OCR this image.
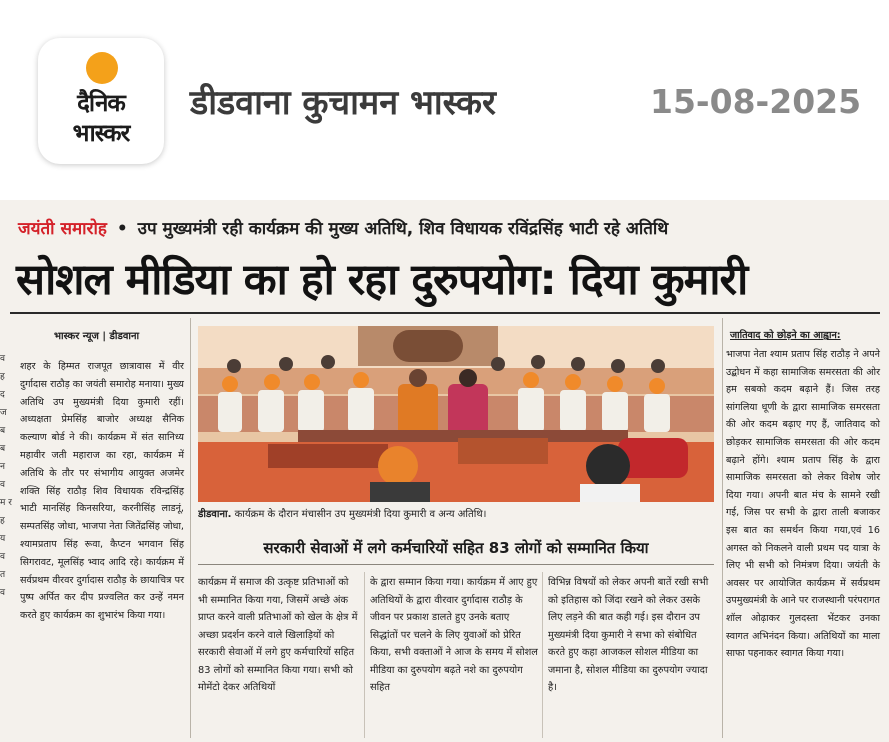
दैनिक
भास्कर
डीडवाना कुचामन भास्कर	15-08-2025
जयंती समारोह • उप मुख्यमंत्री रही कार्यक्रम की मुख्य अतिथि, शिव विधायक रविंद्रसिंह भाटी रहे अतिथि
सोशल मीडिया का हो रहा दुरुपयोग: दिया कुमारी
भास्कर न्यूज | डीडवाना
व ह द ज ब ब न व म र ह य व त व
शहर के हिम्मत राजपूत छात्रावास में वीर दुर्गादास राठौड़ का जयंती समारोह मनाया। मुख्य अतिथि उप मुख्यमंत्री दिया कुमारी रहीं। अध्यक्षता प्रेमसिंह बाजोर अध्यक्ष सैनिक कल्याण बोर्ड ने की। कार्यक्रम में संत सानिध्य महावीर जती महाराज का रहा, कार्यक्रम में अतिथि के तौर पर संभागीय आयुक्त अजमेर शक्ति सिंह राठौड़ शिव विधायक रविन्द्रसिंह भाटी मानसिंह किनसरिया, करनीसिंह लाडनूं, सम्पतसिंह जोधा, भाजपा नेता जितेंद्रसिंह जोधा, श्यामप्रताप सिंह रूवा, कैप्टन भगवान सिंह सिगरावट, मूलसिंह भ्वाद आदि रहे। कार्यक्रम में सर्वप्रथम वीरवर दुर्गादास राठौड़ के छायाचित्र पर पुष्प अर्पित कर दीप प्रज्वलित कर उन्हें नमन करते हुए कार्यक्रम का शुभारंभ किया गया।
डीडवाना. कार्यक्रम के दौरान मंचासीन उप मुख्यमंत्री दिया कुमारी व अन्य अतिथि।
सरकारी सेवाओं में लगे कर्मचारियों सहित 83 लोगों को सम्मानित किया
कार्यक्रम में समाज की उत्कृष्ट प्रतिभाओं को भी सम्मानित किया गया, जिसमें अच्छे अंक प्राप्त करने वाली प्रतिभाओं को खेल के क्षेत्र में अच्छा प्रदर्शन करने वाले खिलाड़ियों को सरकारी सेवाओं में लगे हुए कर्मचारियों सहित 83 लोगों को सम्मानित किया गया। सभी को मोमेंटो देकर अतिथियों
के द्वारा सम्मान किया गया। कार्यक्रम में आए हुए अतिथियों के द्वारा वीरवार दुर्गादास राठौड़ के जीवन पर प्रकाश डालते हुए उनके बताए सिद्धांतों पर चलने के लिए युवाओं को प्रेरित किया, सभी वक्ताओं ने आज के समय में सोशल मीडिया का दुरुपयोग बढ़ते नशे का दुरुपयोग सहित
विभिन्न विषयों को लेकर अपनी बातें रखी सभी को इतिहास को जिंदा रखने को लेकर उसके लिए लड़ने की बात कही गई। इस दौरान उप मुख्यमंत्री दिया कुमारी ने सभा को संबोधित करते हुए कहा आजकल सोशल मीडिया का जमाना है, सोशल मीडिया का दुरुपयोग ज्यादा है।
जातिवाद को छोड़ने का आह्वान:
भाजपा नेता श्याम प्रताप सिंह राठौड़ ने अपने उद्बोधन में कहा सामाजिक समरसता की ओर हम सबको कदम बढ़ाने हैं। जिस तरह सांगलिया धूणी के द्वारा सामाजिक समरसता की ओर कदम बढ़ाए गए हैं, जातिवाद को छोड़कर सामाजिक समरसता की ओर कदम बढ़ाने होंगे। श्याम प्रताप सिंह के द्वारा सामाजिक समरसता को लेकर विशेष जोर दिया गया। अपनी बात मंच के सामने रखी गई, जिस पर सभी के द्वारा ताली बजाकर इस बात का समर्थन किया गया,एवं 16 अगस्त को निकलने वाली प्रथम पद यात्रा के लिए भी सभी को निमंत्रण दिया। जयंती के अवसर पर आयोजित कार्यक्रम में सर्वप्रथम उपमुख्यमंत्री के आने पर राजस्थानी परंपरागत शॉल ओढ़ाकर गुलदस्ता भेंटकर उनका स्वागत अभिनंदन किया। अतिथियों का माला साफा पहनाकर स्वागत किया गया।
